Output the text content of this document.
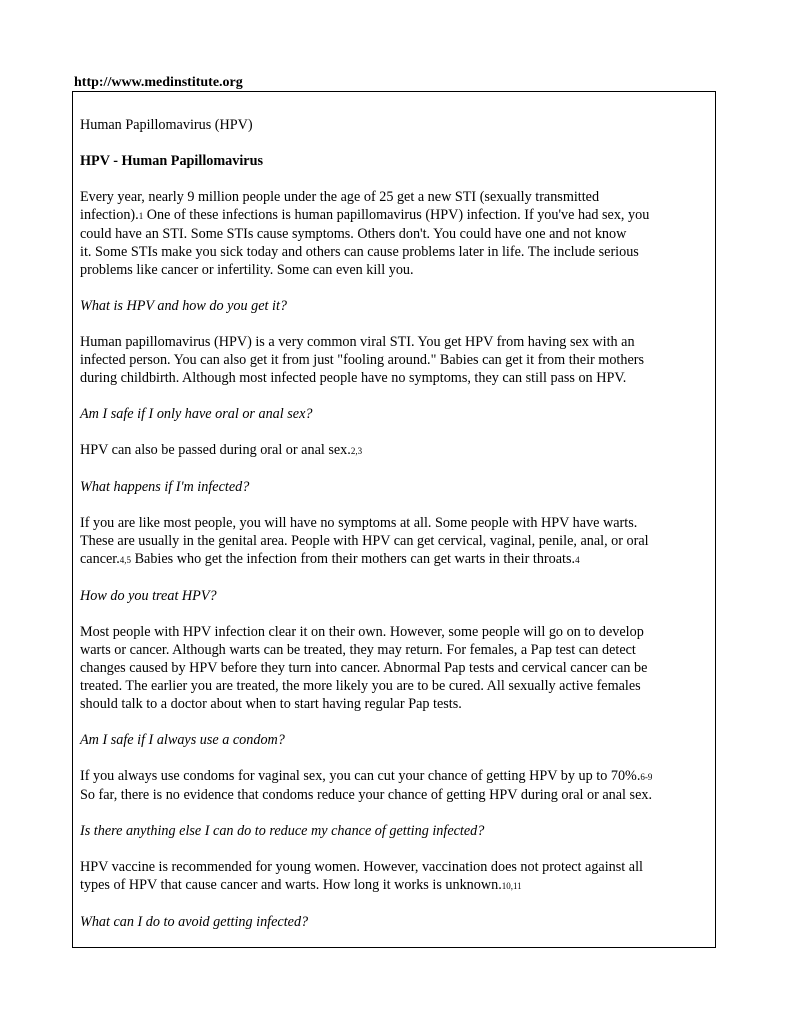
http://www.medinstitute.org

Human Papillomavirus (HPV)

HPV - Human Papillomavirus

Every year, nearly 9 million people under the age of 25 get a new STI (sexually transmitted
infection).1 One of these infections is human papillomavirus (HPV) infection. If you've had sex, you
could have an STI. Some STIs cause symptoms. Others don't. You could have one and not know
it. Some STIs make you sick today and others can cause problems later in life. The include serious
problems like cancer or infertility. Some can even kill you.

What is HPV and how do you get it?

Human papillomavirus (HPV) is a very common viral STI. You get HPV from having sex with an
infected person. You can also get it from just "fooling around." Babies can get it from their mothers
during childbirth. Although most infected people have no symptoms, they can still pass on HPV.

Am I safe if I only have oral or anal sex?

HPV can also be passed during oral or anal sex.2,3

What happens if I'm infected?

If you are like most people, you will have no symptoms at all. Some people with HPV have warts.
These are usually in the genital area. People with HPV can get cervical, vaginal, penile, anal, or oral
cancer.4,5 Babies who get the infection from their mothers can get warts in their throats.4

How do you treat HPV?

Most people with HPV infection clear it on their own. However, some people will go on to develop
warts or cancer. Although warts can be treated, they may return. For females, a Pap test can detect
changes caused by HPV before they turn into cancer. Abnormal Pap tests and cervical cancer can be
treated. The earlier you are treated, the more likely you are to be cured. All sexually active females
should talk to a doctor about when to start having regular Pap tests.

Am I safe if I always use a condom?

If you always use condoms for vaginal sex, you can cut your chance of getting HPV by up to 70%.6-9
So far, there is no evidence that condoms reduce your chance of getting HPV during oral or anal sex.

Is there anything else I can do to reduce my chance of getting infected?

HPV vaccine is recommended for young women. However, vaccination does not protect against all
types of HPV that cause cancer and warts. How long it works is unknown.10,11

What can I do to avoid getting infected?
